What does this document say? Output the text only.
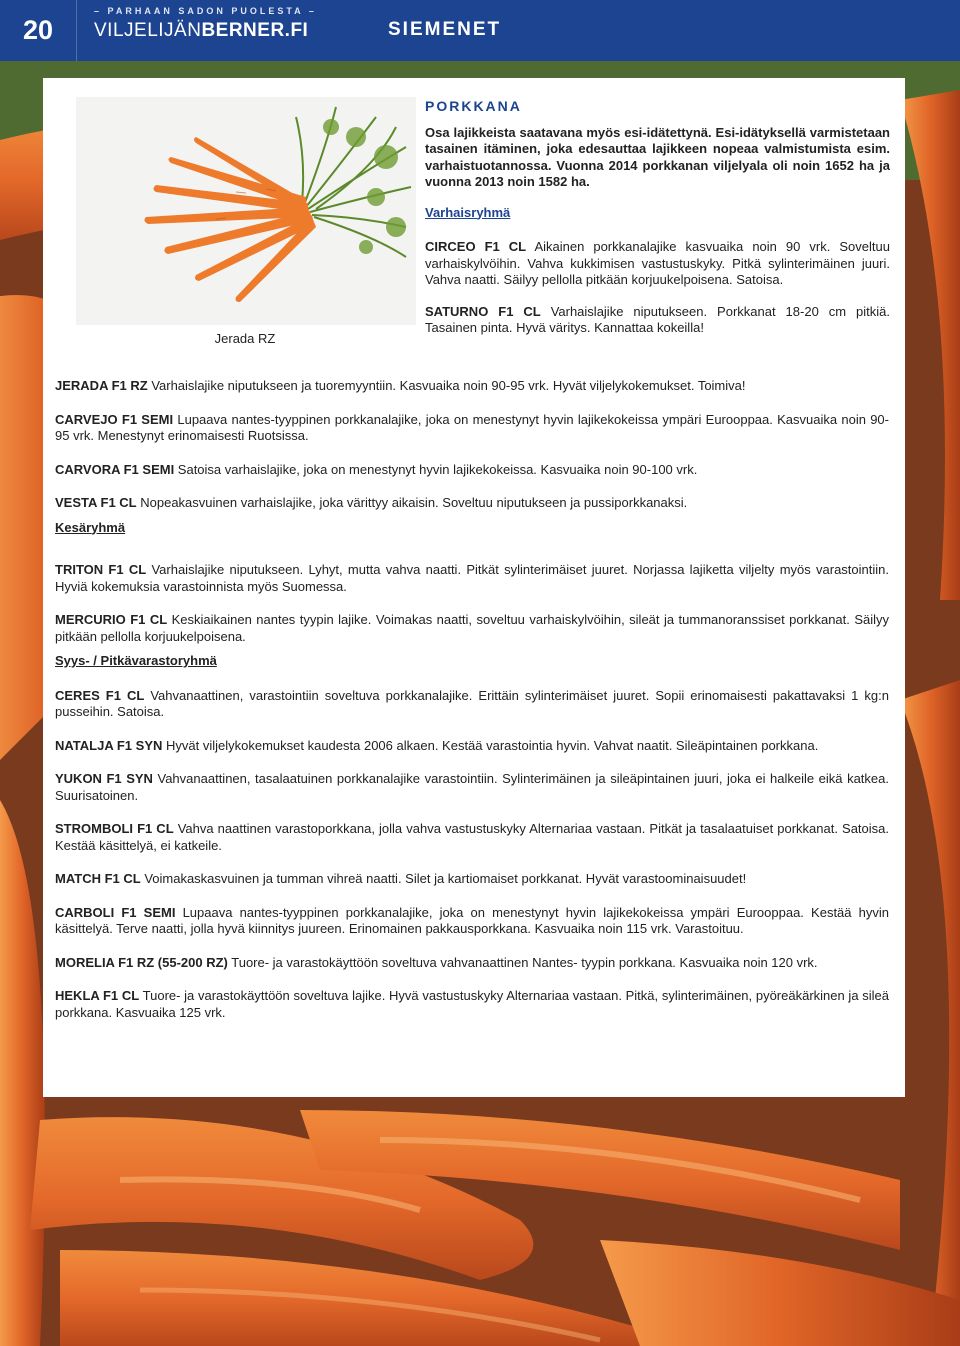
20
– PARHAAN SADON PUOLESTA –
VILJELIJÄNBERNER.FI	SIEMENET
Jerada RZ
PORKKANA
Osa lajikkeista saatavana myös esi-idätettynä. Esi-idätyksellä varmistetaan tasainen itäminen, joka edesauttaa lajikkeen nopeaa valmistumista esim. varhaistuotannossa. Vuonna 2014 porkkanan viljelyala oli noin 1652 ha ja vuonna 2013 noin 1582 ha.
Varhaisryhmä
CIRCEO F1 CL Aikainen porkkanalajike kasvuaika noin 90 vrk. Soveltuu varhaiskylvöihin. Vahva kukkimisen vastustuskyky. Pitkä sylinterimäinen juuri. Vahva naatti. Säilyy pellolla pitkään korjuukelpoisena. Satoisa.
SATURNO F1 CL Varhaislajike niputukseen. Porkkanat 18-20 cm pitkiä. Tasainen pinta. Hyvä väritys. Kannattaa kokeilla!
JERADA F1 RZ Varhaislajike niputukseen ja tuoremyyntiin. Kasvuaika noin 90-95 vrk. Hyvät viljelykokemukset. Toimiva!
CARVEJO F1 SEMI Lupaava nantes-tyyppinen porkkanalajike, joka on menestynyt hyvin lajikekokeissa ympäri Eurooppaa. Kasvuaika noin 90-95 vrk. Menestynyt erinomaisesti Ruotsissa.
CARVORA F1 SEMI Satoisa varhaislajike, joka on menestynyt hyvin lajikekokeissa. Kasvuaika noin 90-100 vrk.
VESTA F1 CL Nopeakasvuinen varhaislajike, joka värittyy aikaisin. Soveltuu niputukseen ja pussiporkkanaksi.
Kesäryhmä
TRITON F1 CL Varhaislajike niputukseen. Lyhyt, mutta vahva naatti. Pitkät sylinterimäiset juuret. Norjassa lajiketta viljelty myös varastointiin. Hyviä kokemuksia varastoinnista myös Suomessa.
MERCURIO F1 CL Keskiaikainen nantes tyypin lajike. Voimakas naatti, soveltuu varhaiskylvöihin, sileät ja tummanoranssiset porkkanat. Säilyy pitkään pellolla korjuukelpoisena.
Syys- / Pitkävarastoryhmä
CERES F1 CL Vahvanaattinen, varastointiin soveltuva porkkanalajike. Erittäin sylinterimäiset juuret. Sopii erinomaisesti pakattavaksi 1 kg:n pusseihin. Satoisa.
NATALJA F1 SYN Hyvät viljelykokemukset kaudesta 2006 alkaen. Kestää varastointia hyvin. Vahvat naatit. Sileäpintainen porkkana.
YUKON F1 SYN Vahvanaattinen, tasalaatuinen porkkanalajike varastointiin. Sylinterimäinen ja sileäpintainen juuri, joka ei halkeile eikä katkea. Suurisatoinen.
STROMBOLI F1 CL Vahva naattinen varastoporkkana, jolla vahva vastustuskyky Alternariaa vastaan. Pitkät ja tasalaatuiset porkkanat. Satoisa. Kestää käsittelyä, ei katkeile.
MATCH F1 CL Voimakaskasvuinen ja tumman vihreä naatti. Silet ja kartiomaiset porkkanat. Hyvät varastoominaisuudet!
CARBOLI F1 SEMI Lupaava nantes-tyyppinen porkkanalajike, joka on menestynyt hyvin lajikekokeissa ympäri Eurooppaa. Kestää hyvin käsittelyä. Terve naatti, jolla hyvä kiinnitys juureen. Erinomainen pakkausporkkana. Kasvuaika noin 115 vrk. Varastoituu.
MORELIA F1 RZ (55-200 RZ) Tuore- ja varastokäyttöön soveltuva vahvanaattinen Nantes- tyypin porkkana. Kasvuaika noin 120 vrk.
HEKLA F1 CL Tuore- ja varastokäyttöön soveltuva lajike. Hyvä vastustuskyky Alternariaa vastaan. Pitkä, sylinterimäinen, pyöreäkärkinen ja sileä porkkana. Kasvuaika 125 vrk.
